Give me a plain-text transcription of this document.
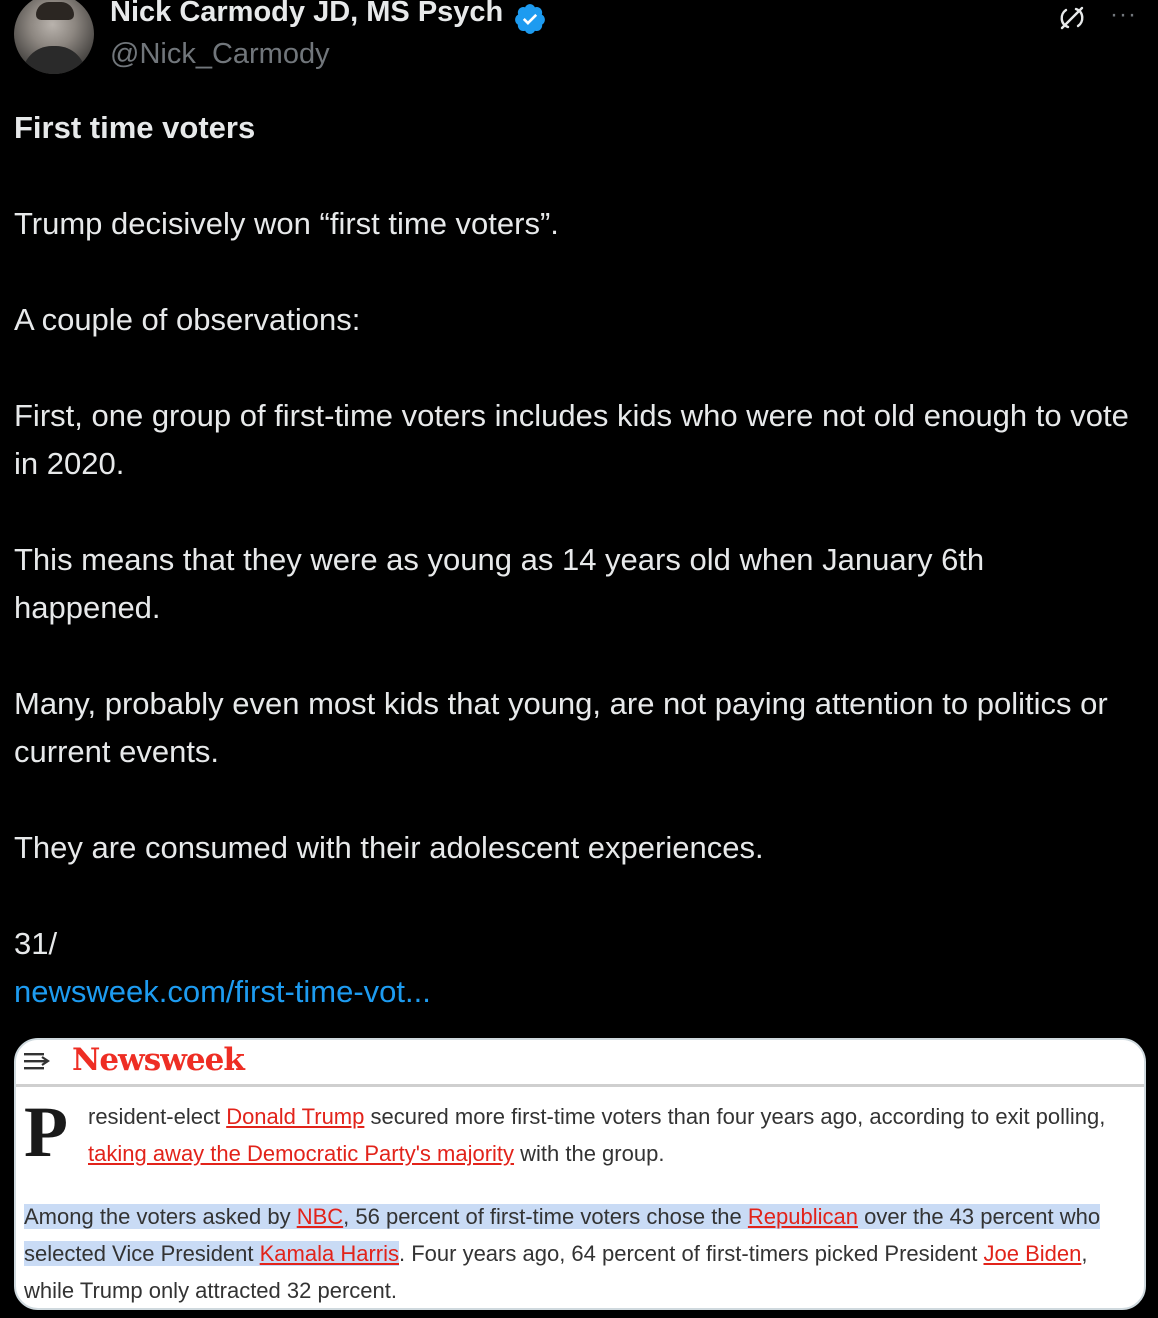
Nick Carmody JD, MS Psych
@Nick_Carmody
···

First time voters

Trump decisively won “first time voters”.

A couple of observations:

First, one group of first-time voters includes kids who were not old enough to vote in 2020.

This means that they were as young as 14 years old when January 6th happened.

Many, probably even most kids that young, are not paying attention to politics or current events.

They are consumed with their adolescent experiences.

31/

newsweek.com/first-time-vot...

Newsweek
P resident-elect Donald Trump secured more first-time voters than four years ago, according to exit polling, taking away the Democratic Party's majority with the group.
Among the voters asked by NBC, 56 percent of first-time voters chose the Republican over the 43 percent who selected Vice President Kamala Harris. Four years ago, 64 percent of first-timers picked President Joe Biden, while Trump only attracted 32 percent.
